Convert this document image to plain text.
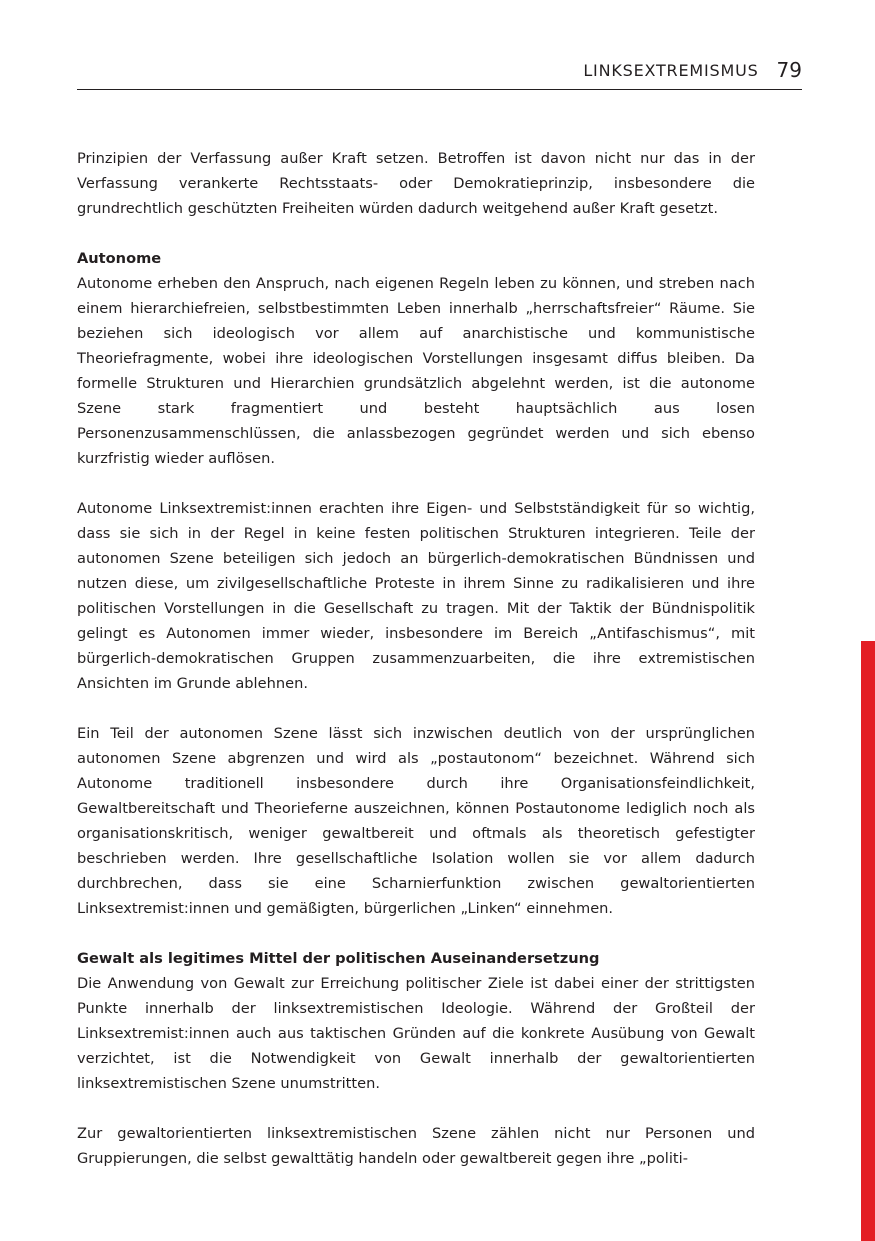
LINKSEXTREMISMUS 79

Prinzipien der Verfassung außer Kraft setzen. Betroffen ist davon nicht nur das in der Verfassung verankerte Rechtsstaats- oder Demokratieprinzip, insbesondere die grundrechtlich geschützten Freiheiten würden dadurch weitgehend außer Kraft gesetzt.

Autonome

Autonome erheben den Anspruch, nach eigenen Regeln leben zu können, und streben nach einem hierarchiefreien, selbstbestimmten Leben innerhalb „herrschaftsfreier“ Räume. Sie beziehen sich ideologisch vor allem auf anarchistische und kommunistische Theoriefragmente, wobei ihre ideologischen Vorstellungen insgesamt diffus bleiben. Da formelle Strukturen und Hierarchien grundsätzlich abgelehnt werden, ist die autonome Szene stark fragmentiert und besteht hauptsächlich aus losen Personenzusammenschlüssen, die anlassbezogen gegründet werden und sich ebenso kurzfristig wieder auflösen.

Autonome Linksextremist:innen erachten ihre Eigen- und Selbstständigkeit für so wichtig, dass sie sich in der Regel in keine festen politischen Strukturen integrieren. Teile der autonomen Szene beteiligen sich jedoch an bürgerlich-demokratischen Bündnissen und nutzen diese, um zivilgesellschaftliche Proteste in ihrem Sinne zu radikalisieren und ihre politischen Vorstellungen in die Gesellschaft zu tragen. Mit der Taktik der Bündnispolitik gelingt es Autonomen immer wieder, insbesondere im Bereich „Antifaschismus“, mit bürgerlich-demokratischen Gruppen zusammenzuarbeiten, die ihre extremistischen Ansichten im Grunde ablehnen.

Ein Teil der autonomen Szene lässt sich inzwischen deutlich von der ursprünglichen autonomen Szene abgrenzen und wird als „postautonom“ bezeichnet. Während sich Autonome traditionell insbesondere durch ihre Organisationsfeindlichkeit, Gewaltbereitschaft und Theorieferne auszeichnen, können Postautonome lediglich noch als organisationskritisch, weniger gewaltbereit und oftmals als theoretisch gefestigter beschrieben werden. Ihre gesellschaftliche Isolation wollen sie vor allem dadurch durchbrechen, dass sie eine Scharnierfunktion zwischen gewaltorientierten Linksextremist:innen und gemäßigten, bürgerlichen „Linken“ einnehmen.

Gewalt als legitimes Mittel der politischen Auseinandersetzung

Die Anwendung von Gewalt zur Erreichung politischer Ziele ist dabei einer der strittigsten Punkte innerhalb der linksextremistischen Ideologie. Während der Großteil der Linksextremist:innen auch aus taktischen Gründen auf die konkrete Ausübung von Gewalt verzichtet, ist die Notwendigkeit von Gewalt innerhalb der gewaltorientierten linksextremistischen Szene unumstritten.

Zur gewaltorientierten linksextremistischen Szene zählen nicht nur Personen und Gruppierungen, die selbst gewalttätig handeln oder gewaltbereit gegen ihre „politi-
